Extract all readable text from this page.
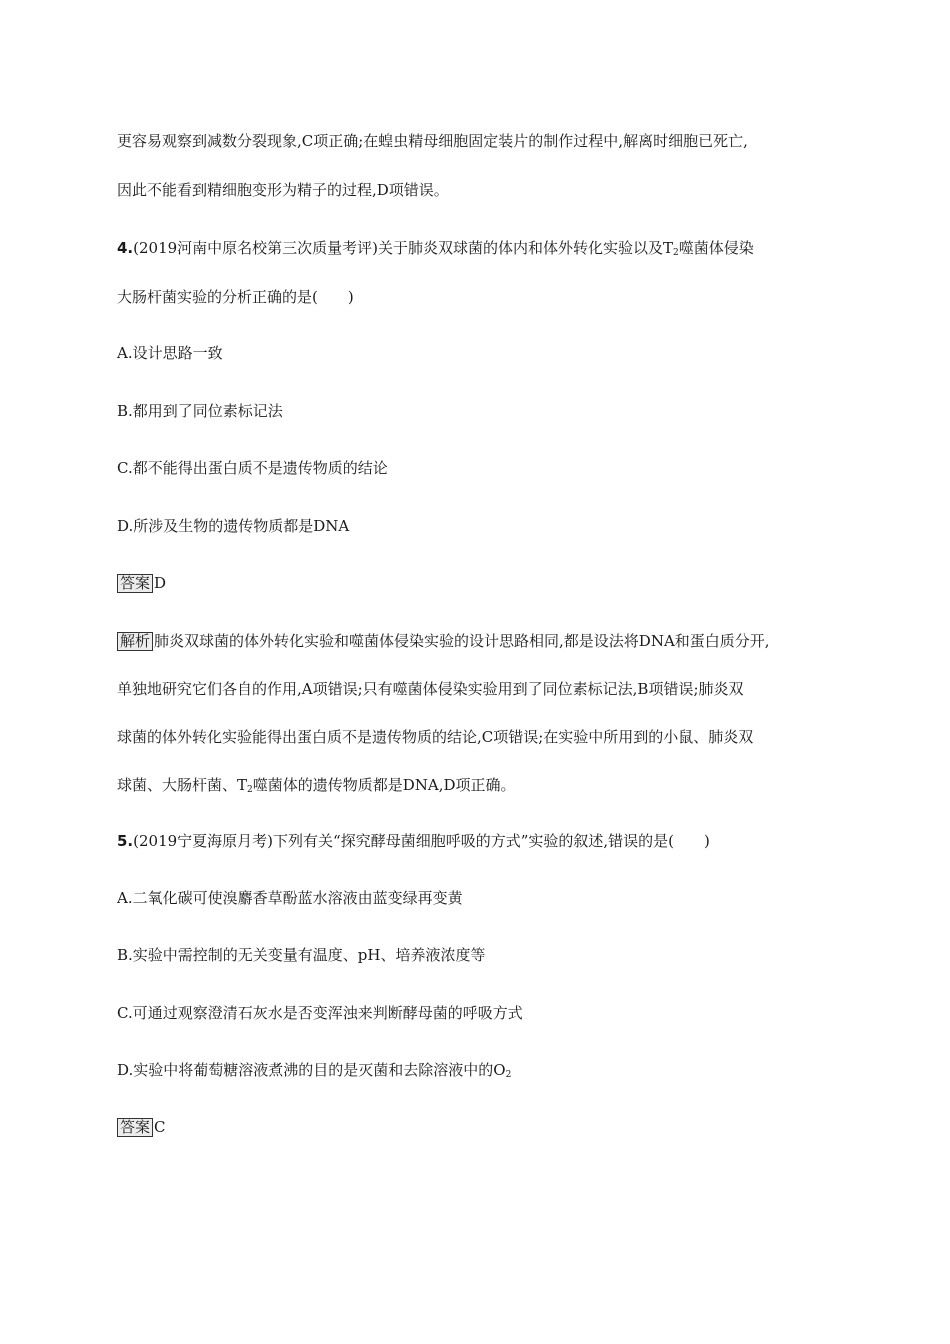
更容易观察到减数分裂现象,C项正确;在蝗虫精母细胞固定装片的制作过程中,解离时细胞已死亡,
因此不能看到精细胞变形为精子的过程,D项错误。
4.(2019河南中原名校第三次质量考评)关于肺炎双球菌的体内和体外转化实验以及$T_2$噬菌体侵染
大肠杆菌实验的分析正确的是(　　)
A.设计思路一致
B.都用到了同位素标记法
C.都不能得出蛋白质不是遗传物质的结论
D.所涉及生物的遗传物质都是DNA
答案 D
解析 肺炎双球菌的体外转化实验和噬菌体侵染实验的设计思路相同,都是设法将DNA和蛋白质分开,
单独地研究它们各自的作用,A项错误;只有噬菌体侵染实验用到了同位素标记法,B项错误;肺炎双
球菌的体外转化实验能得出蛋白质不是遗传物质的结论,C项错误;在实验中所用到的小鼠、肺炎双
球菌、大肠杆菌、$T_2$噬菌体的遗传物质都是DNA,D项正确。
5.(2019宁夏海原月考)下列有关“探究酵母菌细胞呼吸的方式”实验的叙述,错误的是(　　)
A.二氧化碳可使溴麝香草酚蓝水溶液由蓝变绿再变黄
B.实验中需控制的无关变量有温度、pH、培养液浓度等
C.可通过观察澄清石灰水是否变浑浊来判断酵母菌的呼吸方式
D.实验中将葡萄糖溶液煮沸的目的是灭菌和去除溶液中的$O_2$
答案 C
